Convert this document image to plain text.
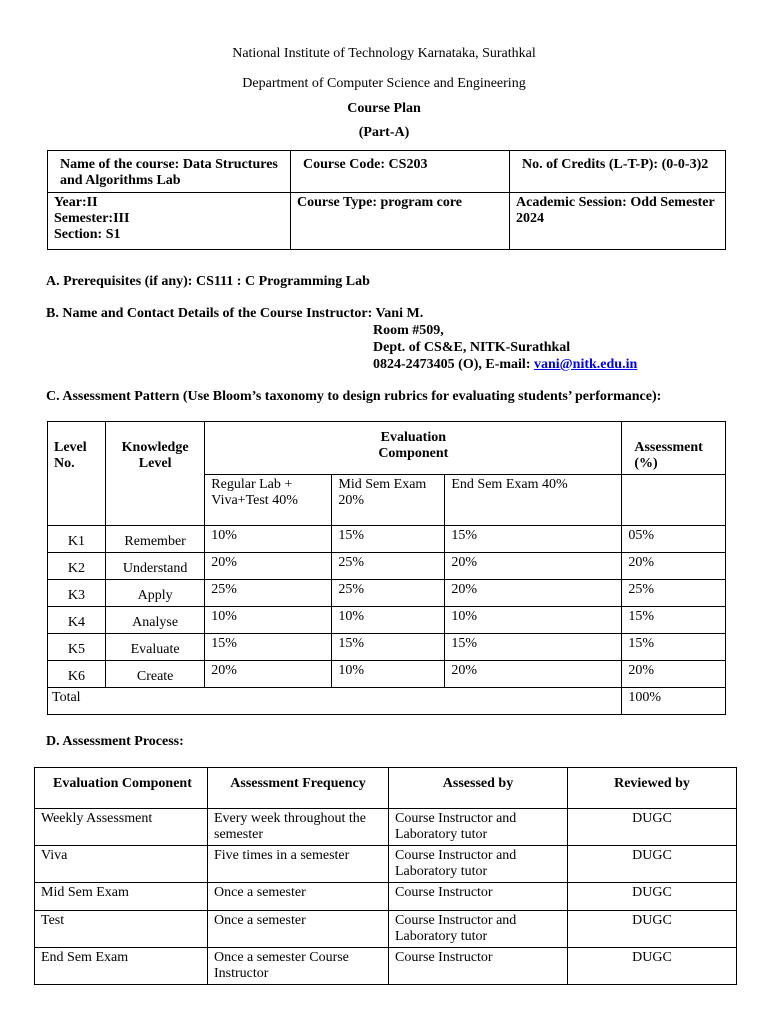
National Institute of Technology Karnataka, Surathkal
Department of Computer Science and Engineering
Course Plan
(Part-A)
Name of the course: Data Structures and Algorithms Lab	Course Code: CS203	No. of Credits (L-T-P): (0-0-3)2

Year:II
Semester:III
Section: S1	Course Type: program core	Academic Session: Odd Semester 2024
A. Prerequisites (if any): CS111 : C Programming Lab
B. Name and Contact Details of the Course Instructor: Vani M.
Room #509,
Dept. of CS&E, NITK-Surathkal
0824-2473405 (O), E-mail: vani@nitk.edu.in
C. Assessment Pattern (Use Bloom’s taxonomy to design rubrics for evaluating students’ performance):
Level No.	Knowledge Level	Evaluation Component			Assessment (%)
		Regular Lab + Viva+Test 40%	Mid Sem Exam 20%	End Sem Exam 40%	
K1	Remember	10%	15%	15%	05%
K2	Understand	20%	25%	20%	20%
K3	Apply	25%	25%	20%	25%
K4	Analyse	10%	10%	10%	15%
K5	Evaluate	15%	15%	15%	15%
K6	Create	20%	10%	20%	20%
Total					100%
D. Assessment Process:
Evaluation Component	Assessment Frequency	Assessed by	Reviewed by
Weekly Assessment	Every week throughout the semester	Course Instructor and Laboratory tutor	DUGC
Viva	Five times in a semester	Course Instructor and Laboratory tutor	DUGC
Mid Sem Exam	Once a semester	Course Instructor	DUGC
Test	Once a semester	Course Instructor and Laboratory tutor	DUGC
End Sem Exam	Once a semester Course Instructor	Course Instructor	DUGC
